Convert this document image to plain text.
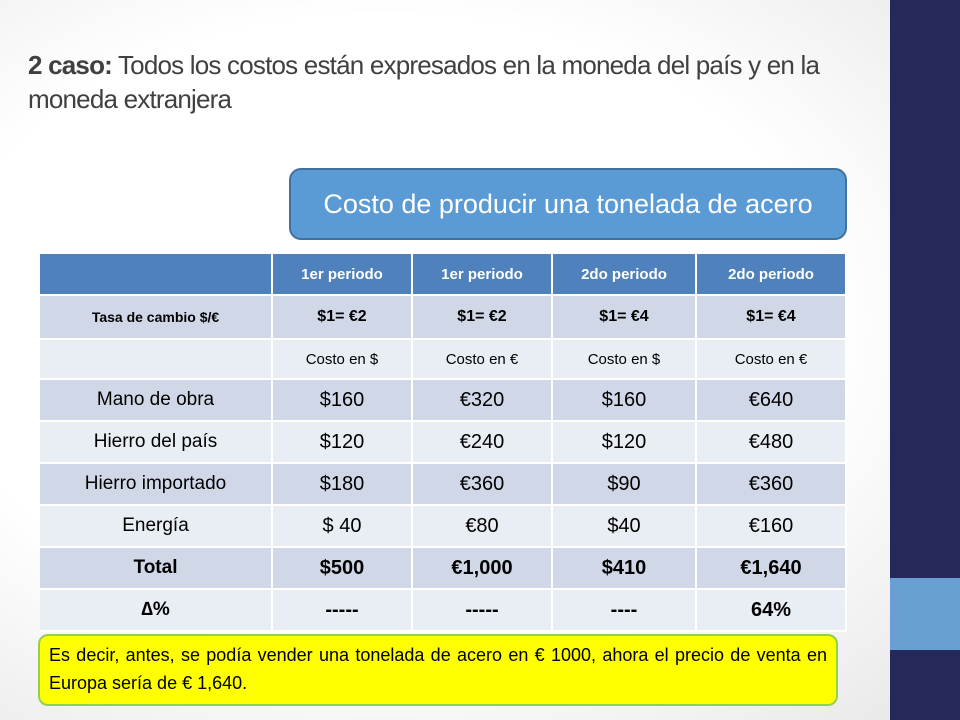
2 caso: Todos los costos están expresados en la moneda del país y en la moneda extranjera
Costo de producir una tonelada de acero
	1er periodo	1er periodo	2do periodo	2do periodo
Tasa de cambio $/€	$1= €2	$1= €2	$1= €4	$1= €4
	Costo en $	Costo en €	Costo en $	Costo en €
Mano de obra	$160	€320	$160	€640
Hierro del país	$120	€240	$120	€480
Hierro importado	$180	€360	$90	€360
Energía	$ 40	€80	$40	€160
Total	$500	€1,000	$410	€1,640
∆%	-----	-----	----	64%
Es decir, antes, se podía vender una tonelada de acero en € 1000, ahora el precio de venta en Europa sería de € 1,640.
